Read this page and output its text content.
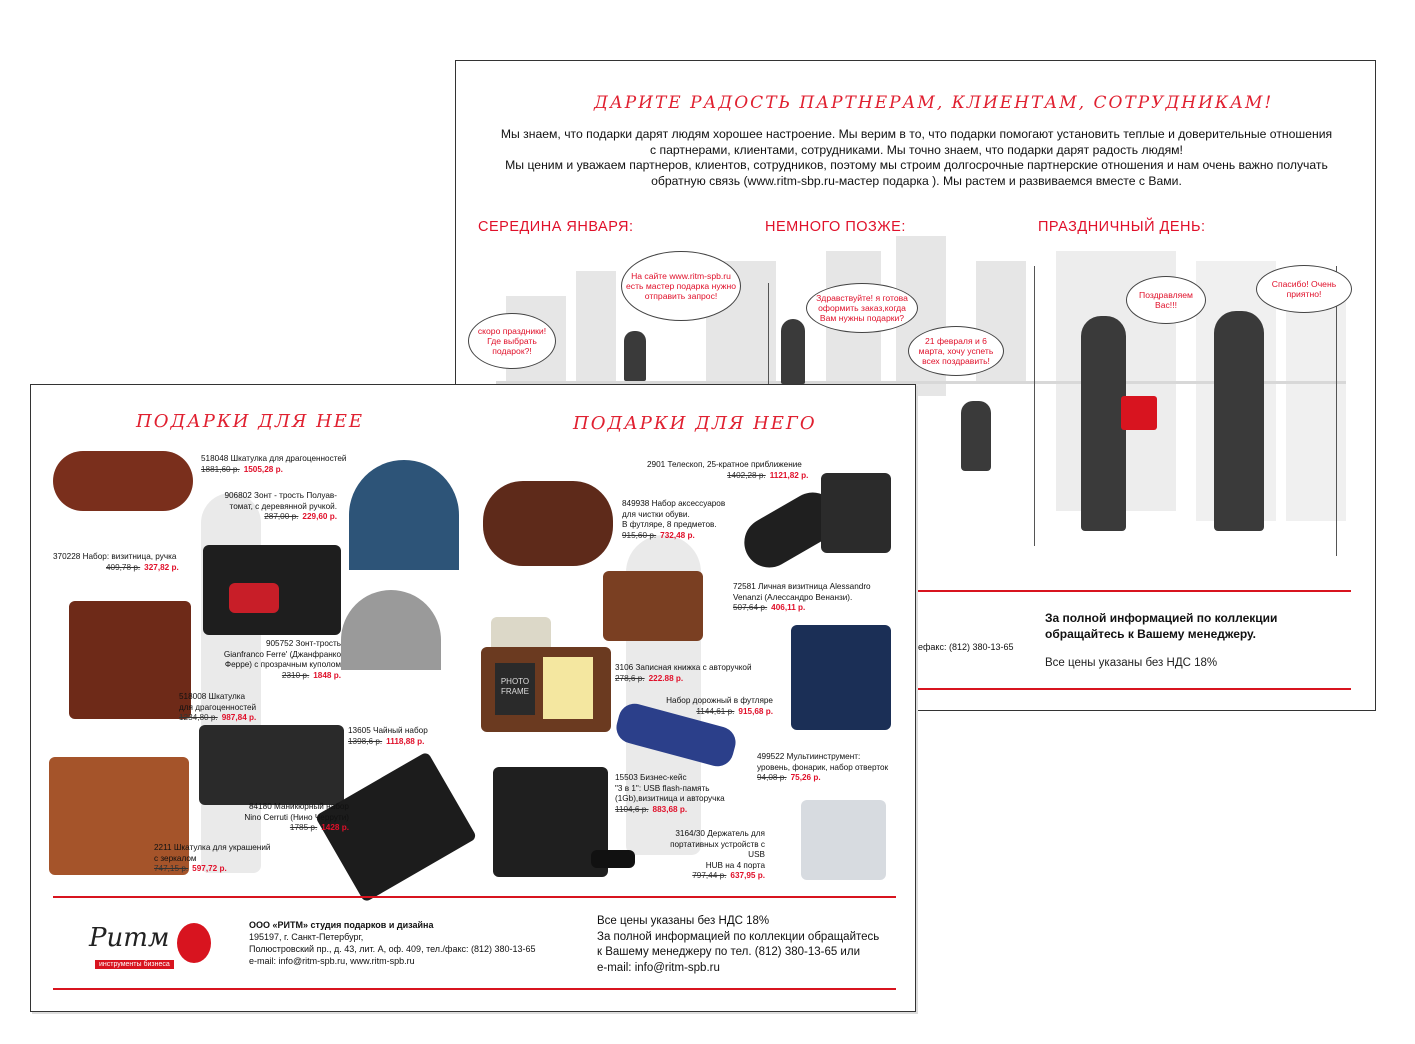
ДАРИТЕ РАДОСТЬ ПАРТНЕРАМ, КЛИЕНТАМ, СОТРУДНИКАМ!

Мы знаем, что подарки дарят людям хорошее настроение. Мы верим в то, что подарки помогают установить теплые и доверительные отношения

с партнерами, клиентами, сотрудниками. Мы точно знаем, что подарки дарят радость людям!

Мы ценим и уважаем партнеров, клиентов, сотрудников, поэтому мы строим долгосрочные партнерские отношения и нам очень важно получать

обратную связь (www.ritm-sbp.ru-мастер подарка ). Мы растем и развиваемся вместе с Вами.

СЕРЕДИНА ЯНВАРЯ:	НЕМНОГО ПОЗЖЕ:	ПРАЗДНИЧНЫЙ ДЕНЬ:
скоро праздники! Где выбрать подарок?!
На сайте www.ritm-spb.ru есть мастер подарка нужно отправить запрос!	Здравствуйте! я готова оформить заказ,когда Вам нужны подарки?
21 февраля и 6 марта, хочу успеть всех поздравить!
Поздравляем Вас!!!
Спасибо! Очень приятно!
ефакс: (812) 380-13-65
За полной информацией по коллекции
обращайтесь к Вашему менеджеру.
Все цены указаны без НДС 18%
ПОДАРКИ ДЛЯ НЕЕ	ПОДАРКИ ДЛЯ НЕГО
518048 Шкатулка для драгоценностей
1881,60 р. 1505,28 р.
906802 Зонт - трость Полуав-
томат, с деревянной ручкой.
287,00 р. 229,60 р.
370228 Набор: визитница, ручка
409,78 р. 327,82 р.
905752 Зонт-трость
Gianfranco Ferre' (Джанфранко
Ферре) с прозрачным куполом
2310 р. 1848 р.
518008 Шкатулка
для драгоценностей
1234,80 р. 987,84 р.
13605 Чайный набор
1398,6 р. 1118,88 р.
84180 Маникюрный набор
Nino Cerruti (Нино Черрути)
1785 р. 1428 р.
2211 Шкатулка для украшений
с зеркалом
747,15 р. 597,72 р.
PHOTO FRAME
2901 Телескоп, 25-кратное приближение
1402,28 р. 1121,82 р.
849938 Набор аксессуаров
для чистки обуви.
В футляре, 8 предметов.
915,60 р. 732,48 р.
72581 Личная визитница Alessandro
Venanzi (Алессандро Венанзи).
507,64 р. 406,11 р.
3106 Записная книжка с авторучкой
278,6 р. 222.88 р.
Набор дорожный в футляре
1144,61 р. 915,68 р.
499522 Мультиинструмент:
уровень, фонарик, набор отверток
94,08 р. 75,26 р.
15503 Бизнес-кейс
"3 в 1": USB flash-память
(1Gb),визитница и авторучка
1104,6 р. 883,68 р.
3164/30 Держатель для
портативных устройств с USB
HUB на 4 порта
797,44 р. 637,95 р.
Ритм
инструменты бизнеса
ООО «РИТМ» студия подарков и дизайна
195197, г. Санкт-Петербург,
Полюстровский пр., д. 43, лит. А, оф. 409, тел./факс: (812) 380-13-65
e-mail: info@ritm-spb.ru, www.ritm-spb.ru
Все цены указаны без НДС 18%
За полной информацией по коллекции обращайтесь
к Вашему менеджеру по тел. (812) 380-13-65 или
e-mail: info@ritm-spb.ru
